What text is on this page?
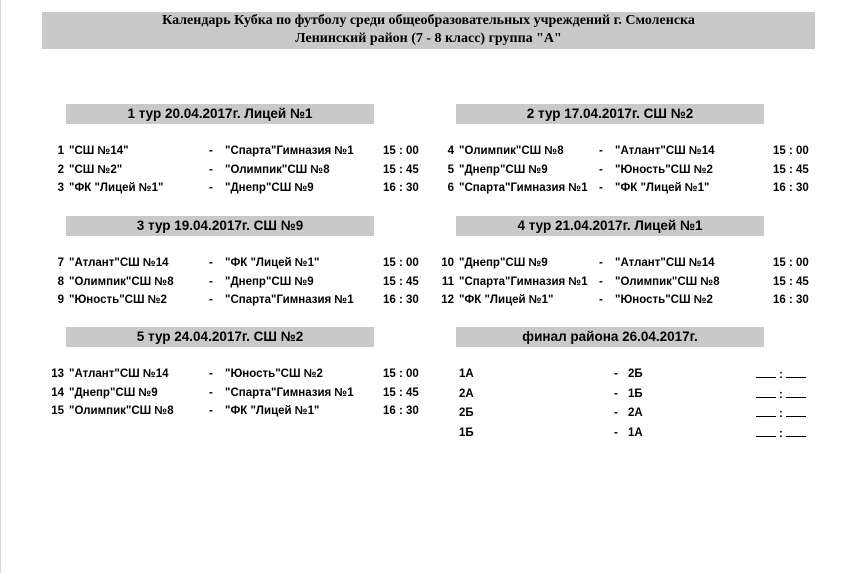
Календарь Кубка по футболу среди общеобразовательных учреждений г. Смоленска
Ленинский район (7 - 8 класс) группа "А"
1 тур 20.04.2017г. Лицей №1
1 "СШ №14"	- "Спарта"Гимназия №1	15 : 00
2 "СШ №2"	- "Олимпик"СШ №8	15 : 45
3 "ФК "Лицей №1"	- "Днепр"СШ №9	16 : 30
2 тур 17.04.2017г. СШ №2
4 "Олимпик"СШ №8	- "Атлант"СШ №14	15 : 00
5 "Днепр"СШ №9	- "Юность"СШ №2	15 : 45
6 "Спарта"Гимназия №1 - "ФК "Лицей №1"	16 : 30
3 тур 19.04.2017г. СШ №9
7 "Атлант"СШ №14	- "ФК "Лицей №1"	15 : 00
8 "Олимпик"СШ №8	- "Днепр"СШ №9	15 : 45
9 "Юность"СШ №2	- "Спарта"Гимназия №1	16 : 30
4 тур 21.04.2017г. Лицей №1
10 "Днепр"СШ №9	- "Атлант"СШ №14	15 : 00
11 "Спарта"Гимназия №1 - "Олимпик"СШ №8	15 : 45
12 "ФК "Лицей №1"	- "Юность"СШ №2	16 : 30
5 тур 24.04.2017г. СШ №2
13 "Атлант"СШ №14	- "Юность"СШ №2	15 : 00
14 "Днепр"СШ №9	- "Спарта"Гимназия №1	15 : 45
15 "Олимпик"СШ №8	- "ФК "Лицей №1"	16 : 30
финал района 26.04.2017г.
1А	- 2Б	:
2А	- 1Б	:
2Б	- 2А	:
1Б	- 1А	:
